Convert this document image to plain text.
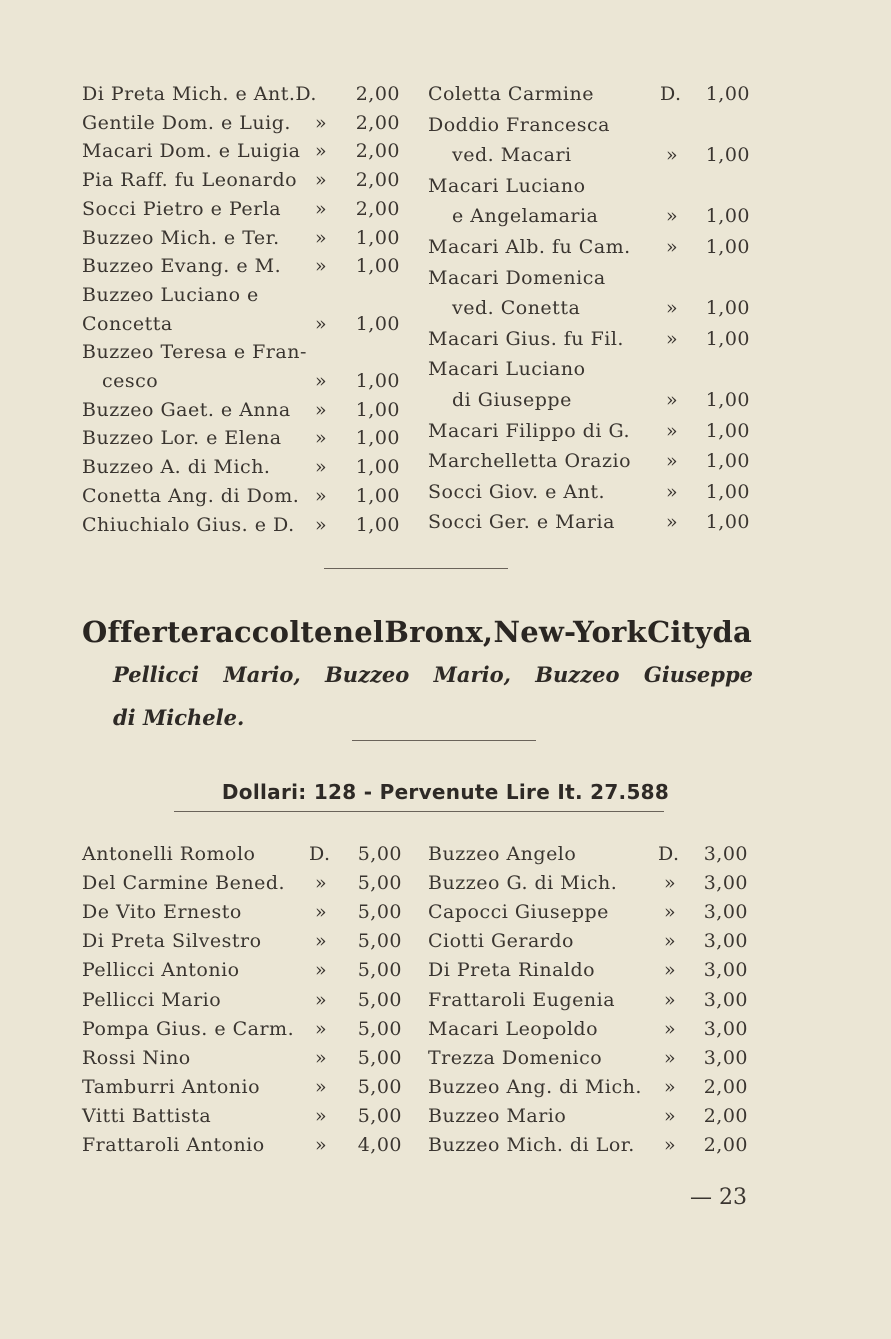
Di Preta Mich. e Ant.D.	2,00
Gentile Dom. e Luig. »	2,00
Macari Dom. e Luigia »	2,00
Pia Raff. fu Leonardo »	2,00
Socci Pietro e Perla »	2,00
Buzzeo Mich. e Ter. »	1,00
Buzzeo Evang. e M. »	1,00
Buzzeo Luciano e
Concetta	»	1,00
Buzzeo Teresa e Fran-
cesco	»	1,00
Buzzeo Gaet. e Anna »	1,00
Buzzeo Lor. e Elena »	1,00
Buzzeo A. di Mich. »	1,00
Conetta Ang. di Dom. »	1,00
Chiuchialo Gius. e D. »	1,00
Coletta Carmine	D.	1,00
Doddio Francesca
ved. Macari	»	1,00
Macari Luciano
e Angelamaria	»	1,00
Macari Alb. fu Cam. »	1,00
Macari Domenica
ved. Conetta	»	1,00
Macari Gius. fu Fil. »	1,00
Macari Luciano
di Giuseppe	»	1,00
Macari Filippo di G. »	1,00
Marchelletta Orazio »	1,00
Socci Giov. e Ant.	»	1,00
Socci Ger. e Maria	»	1,00
Offerte raccolte nel Bronx, New-York City da
Pellicci Mario, Buzzeo Mario, Buzzeo Giuseppe
di Michele.
Dollari: 128 - Pervenute Lire It. 27.588
Antonelli Romolo	D.	5,00
Del Carmine Bened. »	5,00
De Vito Ernesto	»	5,00
Di Preta Silvestro	»	5,00
Pellicci Antonio	»	5,00
Pellicci Mario	»	5,00
Pompa Gius. e Carm. »	5,00
Rossi Nino	»	5,00
Tamburri Antonio	»	5,00
Vitti Battista	»	5,00
Frattaroli Antonio	»	4,00
Buzzeo Angelo	D.	3,00
Buzzeo G. di Mich. »	3,00
Capocci Giuseppe	»	3,00
Ciotti Gerardo	»	3,00
Di Preta Rinaldo	»	3,00
Frattaroli Eugenia	»	3,00
Macari Leopoldo	»	3,00
Trezza Domenico	»	3,00
Buzzeo Ang. di Mich. »	2,00
Buzzeo Mario	»	2,00
Buzzeo Mich. di Lor. »	2,00
— 23
